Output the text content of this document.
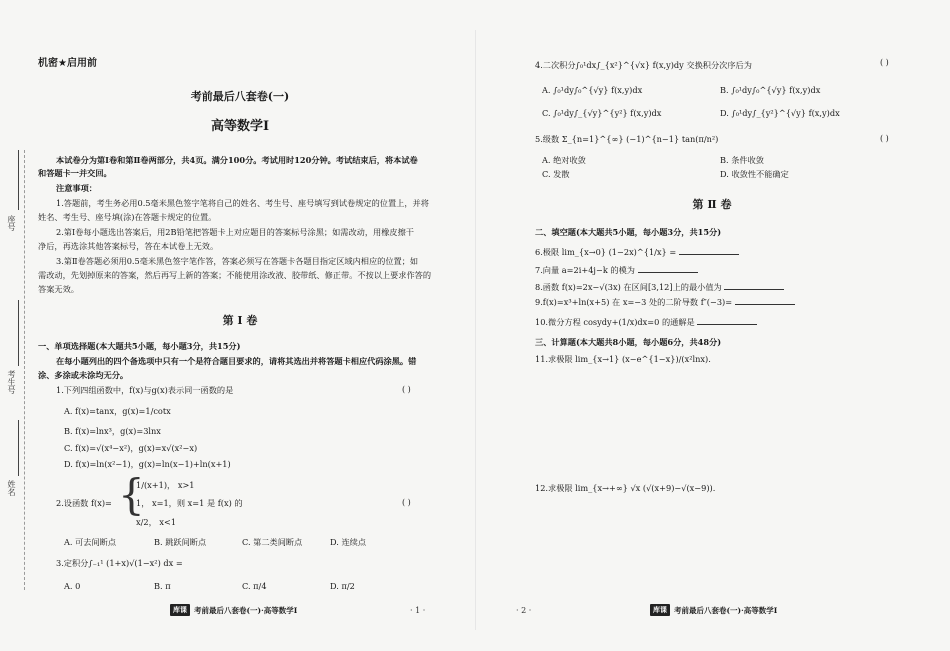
座号
考生号
姓名
机密★启用前
考前最后八套卷(一)
高等数学Ⅰ
本试卷分为第Ⅰ卷和第Ⅱ卷两部分，共4页。满分100分。考试用时120分钟。考试结束后，将本试卷
和答题卡一并交回。
注意事项：
1.答题前，考生务必用0.5毫米黑色签字笔将自己的姓名、考生号、座号填写到试卷规定的位置上，并将
姓名、考生号、座号填(涂)在答题卡规定的位置。
2.第Ⅰ卷每小题选出答案后，用2B铅笔把答题卡上对应题目的答案标号涂黑；如需改动，用橡皮擦干
净后，再选涂其他答案标号，答在本试卷上无效。
3.第Ⅱ卷答题必须用0.5毫米黑色签字笔作答，答案必须写在答题卡各题目指定区域内相应的位置；如
需改动，先划掉原来的答案，然后再写上新的答案；不能使用涂改液、胶带纸、修正带。不按以上要求作答的
答案无效。
第 Ⅰ 卷
一、单项选择题(本大题共5小题，每小题3分，共15分)
在每小题列出的四个备选项中只有一个是符合题目要求的，请将其选出并将答题卡相应代码涂黑。错
涂、多涂或未涂均无分。
1.下列四组函数中，f(x)与g(x)表示同一函数的是	( )
A. f(x)=tanx，g(x)=1/cotx
B. f(x)=lnx³，g(x)=3lnx
C. f(x)=√(x⁴−x²)，g(x)=x√(x²−x)
D. f(x)=ln(x²−1)，g(x)=ln(x−1)+ln(x+1)
2.设函数 f(x)= {
1/(x+1)， x>1
1， x=1，则 x=1 是 f(x) 的
x/2， x<1
( )
A. 可去间断点	B. 跳跃间断点	C. 第二类间断点	D. 连续点
3.定积分∫₋₁¹ (1+x)√(1−x²) dx =
A. 0	B. π	C. π/4	D. π/2
库课 考前最后八套卷(一)·高等数学Ⅰ	· 1 ·
4.二次积分∫₀¹dx∫_{x²}^{√x} f(x,y)dy 交换积分次序后为	( )
A. ∫₀¹dy∫₀^{√y} f(x,y)dx	B. ∫₀¹dy∫₀^{√y} f(x,y)dx
C. ∫₀¹dy∫_{√y}^{y²} f(x,y)dx	D. ∫₀¹dy∫_{y²}^{√y} f(x,y)dx
5.级数 Σ_{n=1}^{∞} (−1)^{n−1} tan(π/n²)	( )
A. 绝对收敛	B. 条件收敛
C. 发散	D. 收敛性不能确定
第 Ⅱ 卷
二、填空题(本大题共5小题，每小题3分，共15分)
6.极限 lim_{x→0} (1−2x)^{1/x} =
7.向量 a=2i+4j−k 的模为
8.函数 f(x)=2x−√(3x) 在区间[3,12]上的最小值为
9.f(x)=x³+ln(x+5) 在 x=−3 处的二阶导数 f″(−3)=
10.微分方程 cosydy+(1/x)dx=0 的通解是
三、计算题(本大题共8小题，每小题6分，共48分)
11.求极限 lim_{x→1} (x−e^{1−x})/(x²lnx).
12.求极限 lim_{x→+∞} √x (√(x+9)−√(x−9)).
· 2 ·	库课 考前最后八套卷(一)·高等数学Ⅰ
